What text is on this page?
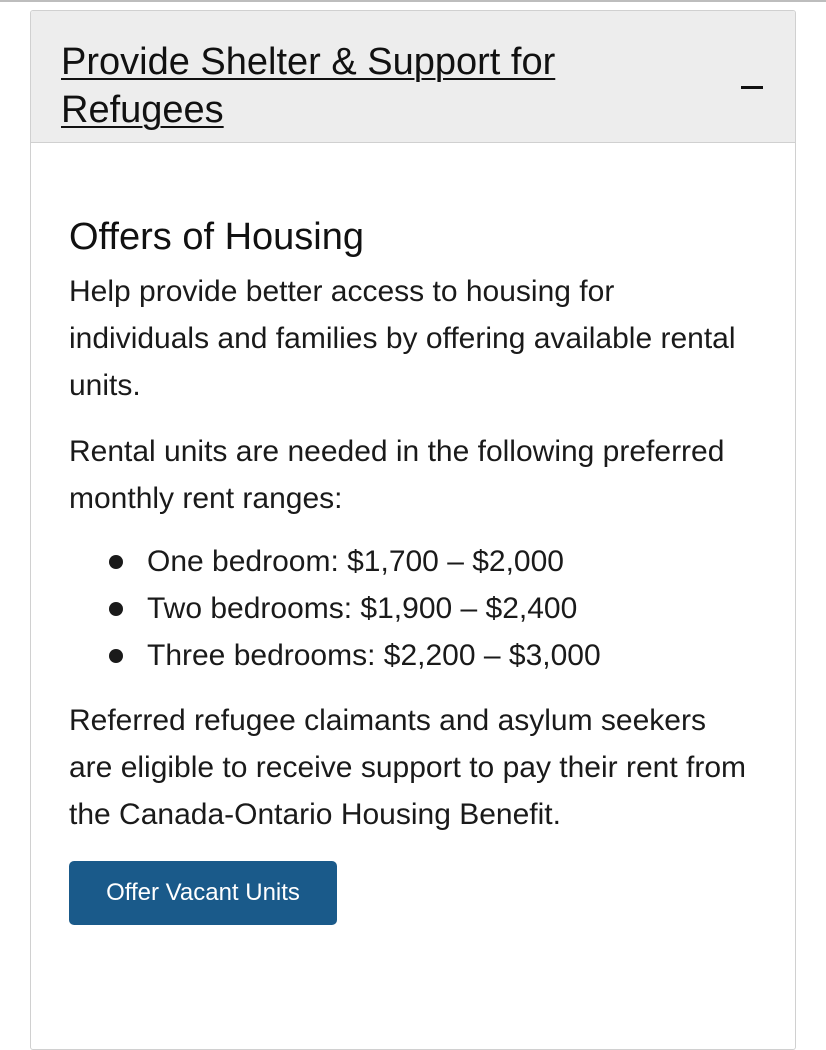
Provide Shelter & Support for Refugees
Offers of Housing

Help provide better access to housing for individuals and families by offering available rental units.

Rental units are needed in the following preferred monthly rent ranges:

One bedroom: $1,700 – $2,000
Two bedrooms: $1,900 – $2,400
Three bedrooms: $2,200 – $3,000

Referred refugee claimants and asylum seekers are eligible to receive support to pay their rent from the Canada-Ontario Housing Benefit.

Offer Vacant Units
